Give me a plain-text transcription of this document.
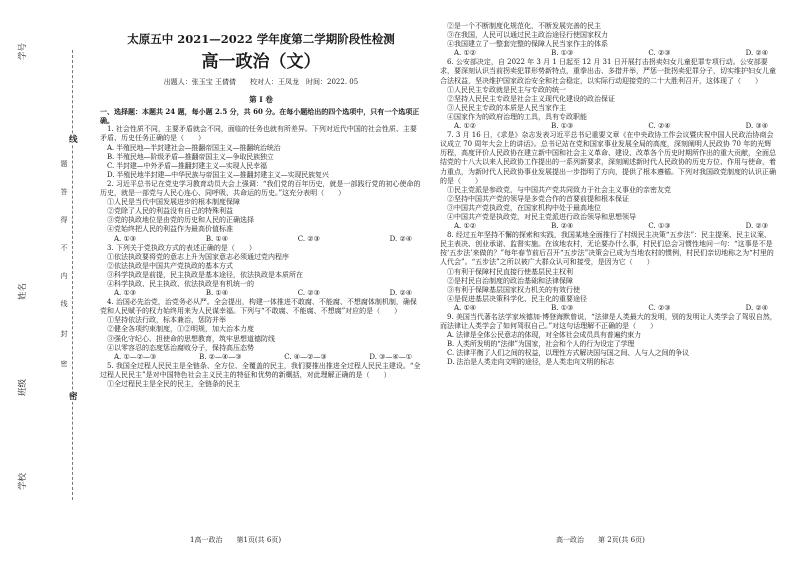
学号
姓名
班级
学校
线
密
密
封
线
内
不
得
答
题
太原五中 2021—2022 学年度第二学期阶段性检测
高一政治（文）
出题人：张玉宝 王倩倩　　校对人：王凤龙　时间：2022. 05
第 I 卷

一、选择题：本题共 24 题，每小题 2.5 分，共 60 分。在每小题给出的四个选项中，只有一个选项正确。

1. 社会性质不同，主要矛盾就会不同，面临的任务也就有所差异。下列对近代中国的社会性质、主要矛盾、历史任务正确的是（　　）

A. 半殖民地—半封建社会—推翻帝国主义—推翻统治统治

B. 半殖民地—阶级矛盾—推翻帝国主义—争取民族独立

C. 半封建—中外矛盾—推翻封建主义—实现人民幸福

D. 半殖民地半封建—中华民族与帝国主义—推翻封建主义—实现民族复兴

2. 习近平总书记在党史学习教育动员大会上强调：“我们党的百年历史，就是一部践行党的初心使命的历史，就是一部党与人民心连心、同呼吸、共命运的历史。”这充分表明（　　）

①人民是当代中国发展进步的根本制度保障

②党除了人民的利益没有自己的特殊利益

③党的执政地位是由党的历史和人民的正确选择

④党始终把人民的利益作为最高价值标准

A. ①③	B. ①④	C. ②③	D. ②④

3. 下列关于党执政方式的表述正确的是（　　）

①依法执政要将党的意志上升为国家意志必须通过党内程序

②依法执政是中国共产党执政的基本方式

③科学执政是前提，民主执政是基本途径，依法执政是本质所在

④科学执政、民主执政、依法执政是有机统一的

A. ①③	B. ①④	C. ②③	D. ②④

4. 治国必先治党，治党务必从严。全会提出，构建一体推进不敢腐、不能腐、不想腐体制机制，确保党和人民赋予的权力始终用来为人民谋幸福。下列与“不敢腐、不能腐、不想腐”对应的是（　　）

①坚持依法行政，标本兼治，惩防并举

②健全各项约束制度，①②明规，加大治本力度

③强化守纪心、担使命的思想教育，筑牢思想道德防线

④以零容忍的态度惩治腐败分子，保持高压态势

A. ①—②—③	B. ②—④—③	C. ④—②—③	D. ③—④—①

5. 我国全过程人民民主是全链条、全方位、全覆盖的民主，我们要推出推进全过程人民民主建设。“全过程人民民主”是对中国特色社会主义民主的特征和优势的新概括，对此理解正确的是（　　）

①全过程民主是全民的民主，全链条的民主

②是一个不断制度化规范化，不断发展完善的民主

③在我国，人民可以通过民主政治途径行使国家权力

④我国建立了一整套完整的保障人民当家作主的体系

A. ①②	B. ①③	C. ②③	D. ②④

6. 公安部决定，自 2022 年 3 月 1 日起至 12 月 31 日开展打击拐卖妇女儿童犯罪专项行动。公安部要求，要深刻认识当前拐卖犯罪形势新特点，重拳出击、多措并举，严惩一批拐卖犯罪分子，切实维护妇女儿童合法权益，坚决维护国家政治安全和社会稳定，以实际行动迎接党的二十大胜利召开，这体现了（　　）

①人民民主专政就是民主与专政的统一

②坚持人民民主专政是社会主义现代化建设的政治保证

③人民民主专政的本质是人民当家作主

④国家作为的政府治理的工具，具有专政职能

A. ①②	B. ①③	C. ②④	D. ③④

7. 3 月 16 日，《求是》杂志发表习近平总书记重要文章《在中央政协工作会议暨庆祝中国人民政治协商会议成立 70 周年大会上的讲话》。总书记站在党和国家事业发展全局的高度，深刻阐明人民政协 70 年的光辉历程，高度评价人民政协在建立新中国和社会主义革命、建设、改革各个历史时期所作出的重大贡献，全面总结党的十八大以来人民政协工作提出的一系列新要求，深刻阐述新时代人民政协的历史方位、作用与使命，着力重点，为新时代人民政协事业发展提出一步指明了方向，提供了根本遵循。下列对我国政党制度的认识正确的是（　　）

①民主党派是参政党，与中国共产党共同致力于社会主义事业的亲密友党

②坚持中国共产党的领导是多党合作的首要前提和根本保证

③中国共产党执政党，在国家机构中处于最高地位

④中国共产党是执政党，对民主党派进行政治领导和思想领导

A. ①②	B. ②④	C. ①③	D. ②③

8. 经过五年坚持不懈的探索和实践，我国某地全面推行了村级民主决策“五步法”：民主提案、民主议案、民主表决、创业承诺、监督实施。在该地农村，无论要办什么事，村民们总会习惯性地问一句：“这事是不是按‘五步法’来做的？”每年春节前后召开“五步法”决策会已成为当地农村的惯例，村民们亲切地称之为“村里的人代会”。“五步法”之所以被广大群众认可和接受，是因为它（　　）

①有利于保障村民直接行使基层民主权利

②是村民自治制度的政治基础和法律保障

③有利于保障基层国家权力机关的有效行使

④是促进基层决策科学化、民主化的重要途径

A. ①④	B. ①③	C. ②③	D. ②④

9. 美国当代著名法学家埃德加·博登海默曾说，“法律是人类最大的发明，别的发明让人类学会了驾驭自然，而法律让人类学会了如何驾驭自己。”对这句话理解不正确的是（　　）

A. 法律是全体公民意志的体现，对全体社会成员具有普遍约束力

B. 人类所发明的“法律”为国家，社会和个人的行为设定了学理

C. 法律平衡了人们之间的权益，以理性方式解决国与国之间、人与人之间的争议

D. 法治是人类走向文明的途径，是人类走向文明的标志

1高一政治　　第1页(共 6页)	高一政治　　第 2页(共 6页)
